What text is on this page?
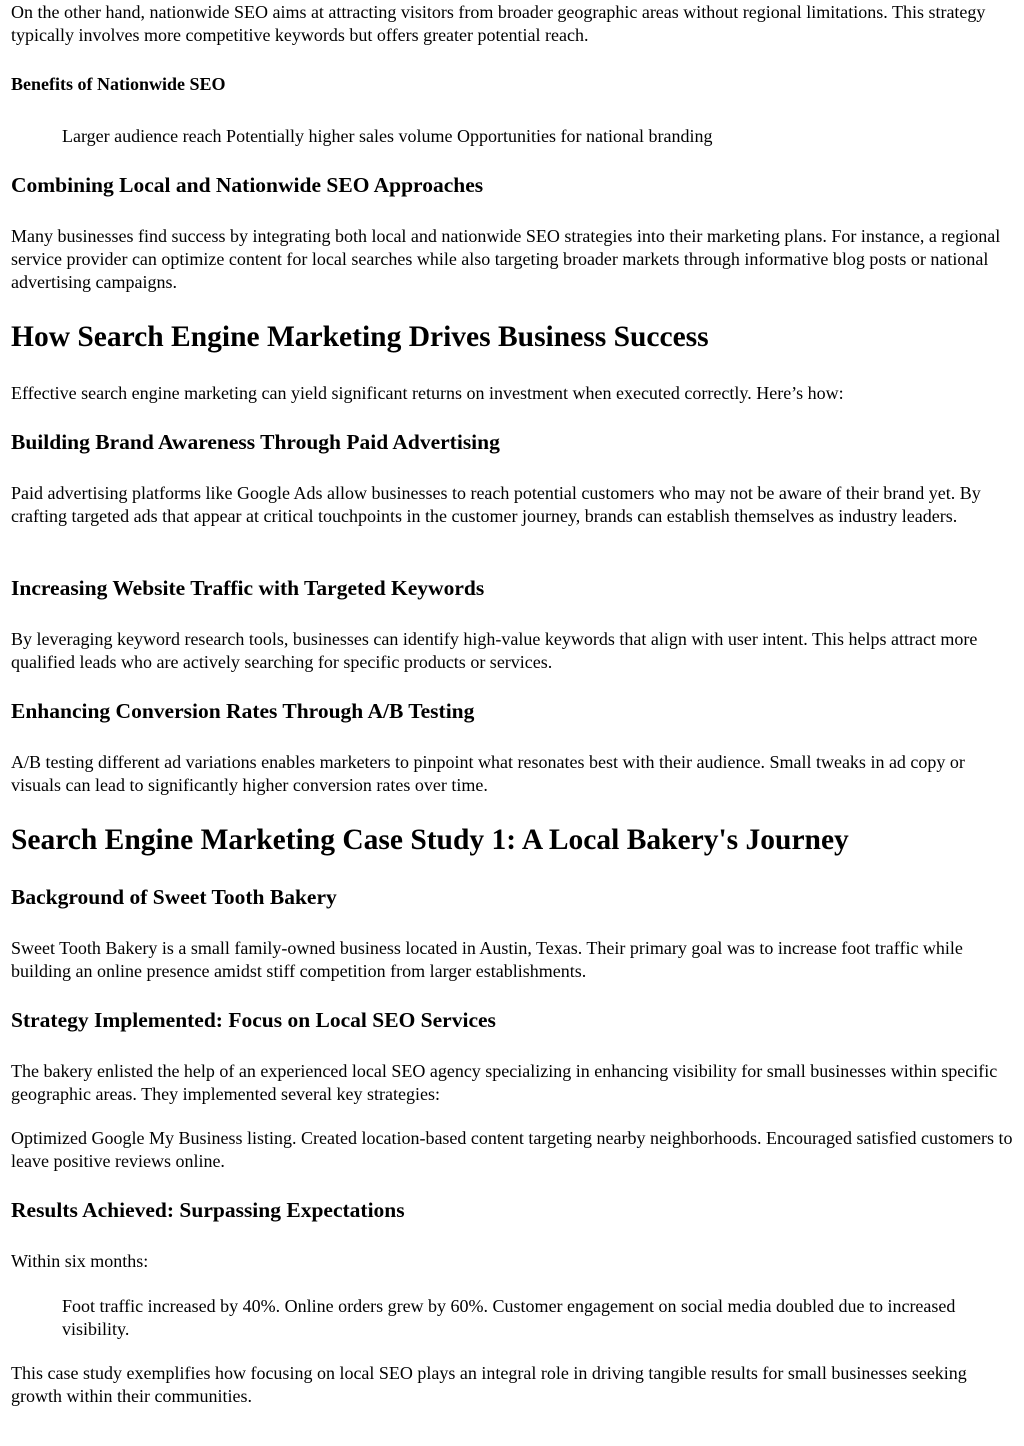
On the other hand, nationwide SEO aims at attracting visitors from broader geographic areas without regional limitations. This strategy typically involves more competitive keywords but offers greater potential reach.

Benefits of Nationwide SEO

Larger audience reach Potentially higher sales volume Opportunities for national branding

Combining Local and Nationwide SEO Approaches

Many businesses find success by integrating both local and nationwide SEO strategies into their marketing plans. For instance, a regional service provider can optimize content for local searches while also targeting broader markets through informative blog posts or national advertising campaigns.

How Search Engine Marketing Drives Business Success

Effective search engine marketing can yield significant returns on investment when executed correctly. Here’s how:

Building Brand Awareness Through Paid Advertising

Paid advertising platforms like Google Ads allow businesses to reach potential customers who may not be aware of their brand yet. By crafting targeted ads that appear at critical touchpoints in the customer journey, brands can establish themselves as industry leaders.

Increasing Website Traffic with Targeted Keywords

By leveraging keyword research tools, businesses can identify high-value keywords that align with user intent. This helps attract more qualified leads who are actively searching for specific products or services.

Enhancing Conversion Rates Through A/B Testing

A/B testing different ad variations enables marketers to pinpoint what resonates best with their audience. Small tweaks in ad copy or visuals can lead to significantly higher conversion rates over time.

Search Engine Marketing Case Study 1: A Local Bakery's Journey
Background of Sweet Tooth Bakery

Sweet Tooth Bakery is a small family-owned business located in Austin, Texas. Their primary goal was to increase foot traffic while building an online presence amidst stiff competition from larger establishments.

Strategy Implemented: Focus on Local SEO Services

The bakery enlisted the help of an experienced local SEO agency specializing in enhancing visibility for small businesses within specific geographic areas. They implemented several key strategies:

Optimized Google My Business listing. Created location-based content targeting nearby neighborhoods. Encouraged satisfied customers to leave positive reviews online.

Results Achieved: Surpassing Expectations

Within six months:

Foot traffic increased by 40%. Online orders grew by 60%. Customer engagement on social media doubled due to increased visibility.

This case study exemplifies how focusing on local SEO plays an integral role in driving tangible results for small businesses seeking growth within their communities.
